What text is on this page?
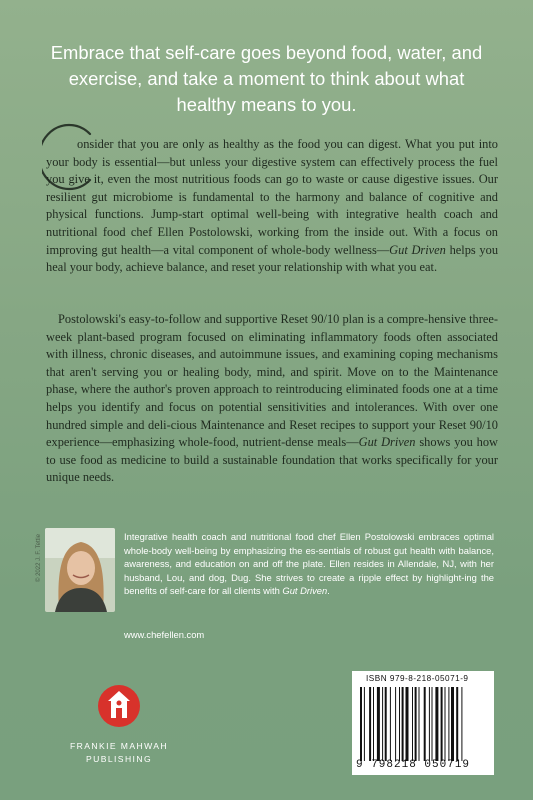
Embrace that self-care goes beyond food, water, and exercise, and take a moment to think about what healthy means to you.

onsider that you are only as healthy as the food you can digest. What you put into your body is essential—but unless your digestive system can effectively process the fuel you give it, even the most nutritious foods can go to waste or cause digestive issues. Our resilient gut microbiome is fundamental to the harmony and balance of cognitive and physical functions. Jump-start optimal well-being with integrative health coach and nutritional food chef Ellen Postolowski, working from the inside out. With a focus on improving gut health—a vital component of whole-body wellness—Gut Driven helps you heal your body, achieve balance, and reset your relationship with what you eat.

Postolowski's easy-to-follow and supportive Reset 90/10 plan is a compre-hensive three-week plant-based program focused on eliminating inflammatory foods often associated with illness, chronic diseases, and autoimmune issues, and examining coping mechanisms that aren't serving you or healing body, mind, and spirit. Move on to the Maintenance phase, where the author's proven approach to reintroducing eliminated foods one at a time helps you identify and focus on potential sensitivities and intolerances. With over one hundred simple and deli-cious Maintenance and Reset recipes to support your Reset 90/10 experience—emphasizing whole-food, nutrient-dense meals—Gut Driven shows you how to use food as medicine to build a sustainable foundation that works specifically for your unique needs.

© 2022 J. F. Tettie	Integrative health coach and nutritional food chef Ellen Postolowski embraces optimal whole-body well-being by emphasizing the es-sentials of robust gut health with balance, awareness, and education on and off the plate. Ellen resides in Allendale, NJ, with her husband, Lou, and dog, Dug. She strives to create a ripple effect by highlight-ing the benefits of self-care for all clients with Gut Driven.

www.chefellen.com
FRANKIE MAHWAH
PUBLISHING
ISBN 979-8-218-05071-9
9 798218 050719
